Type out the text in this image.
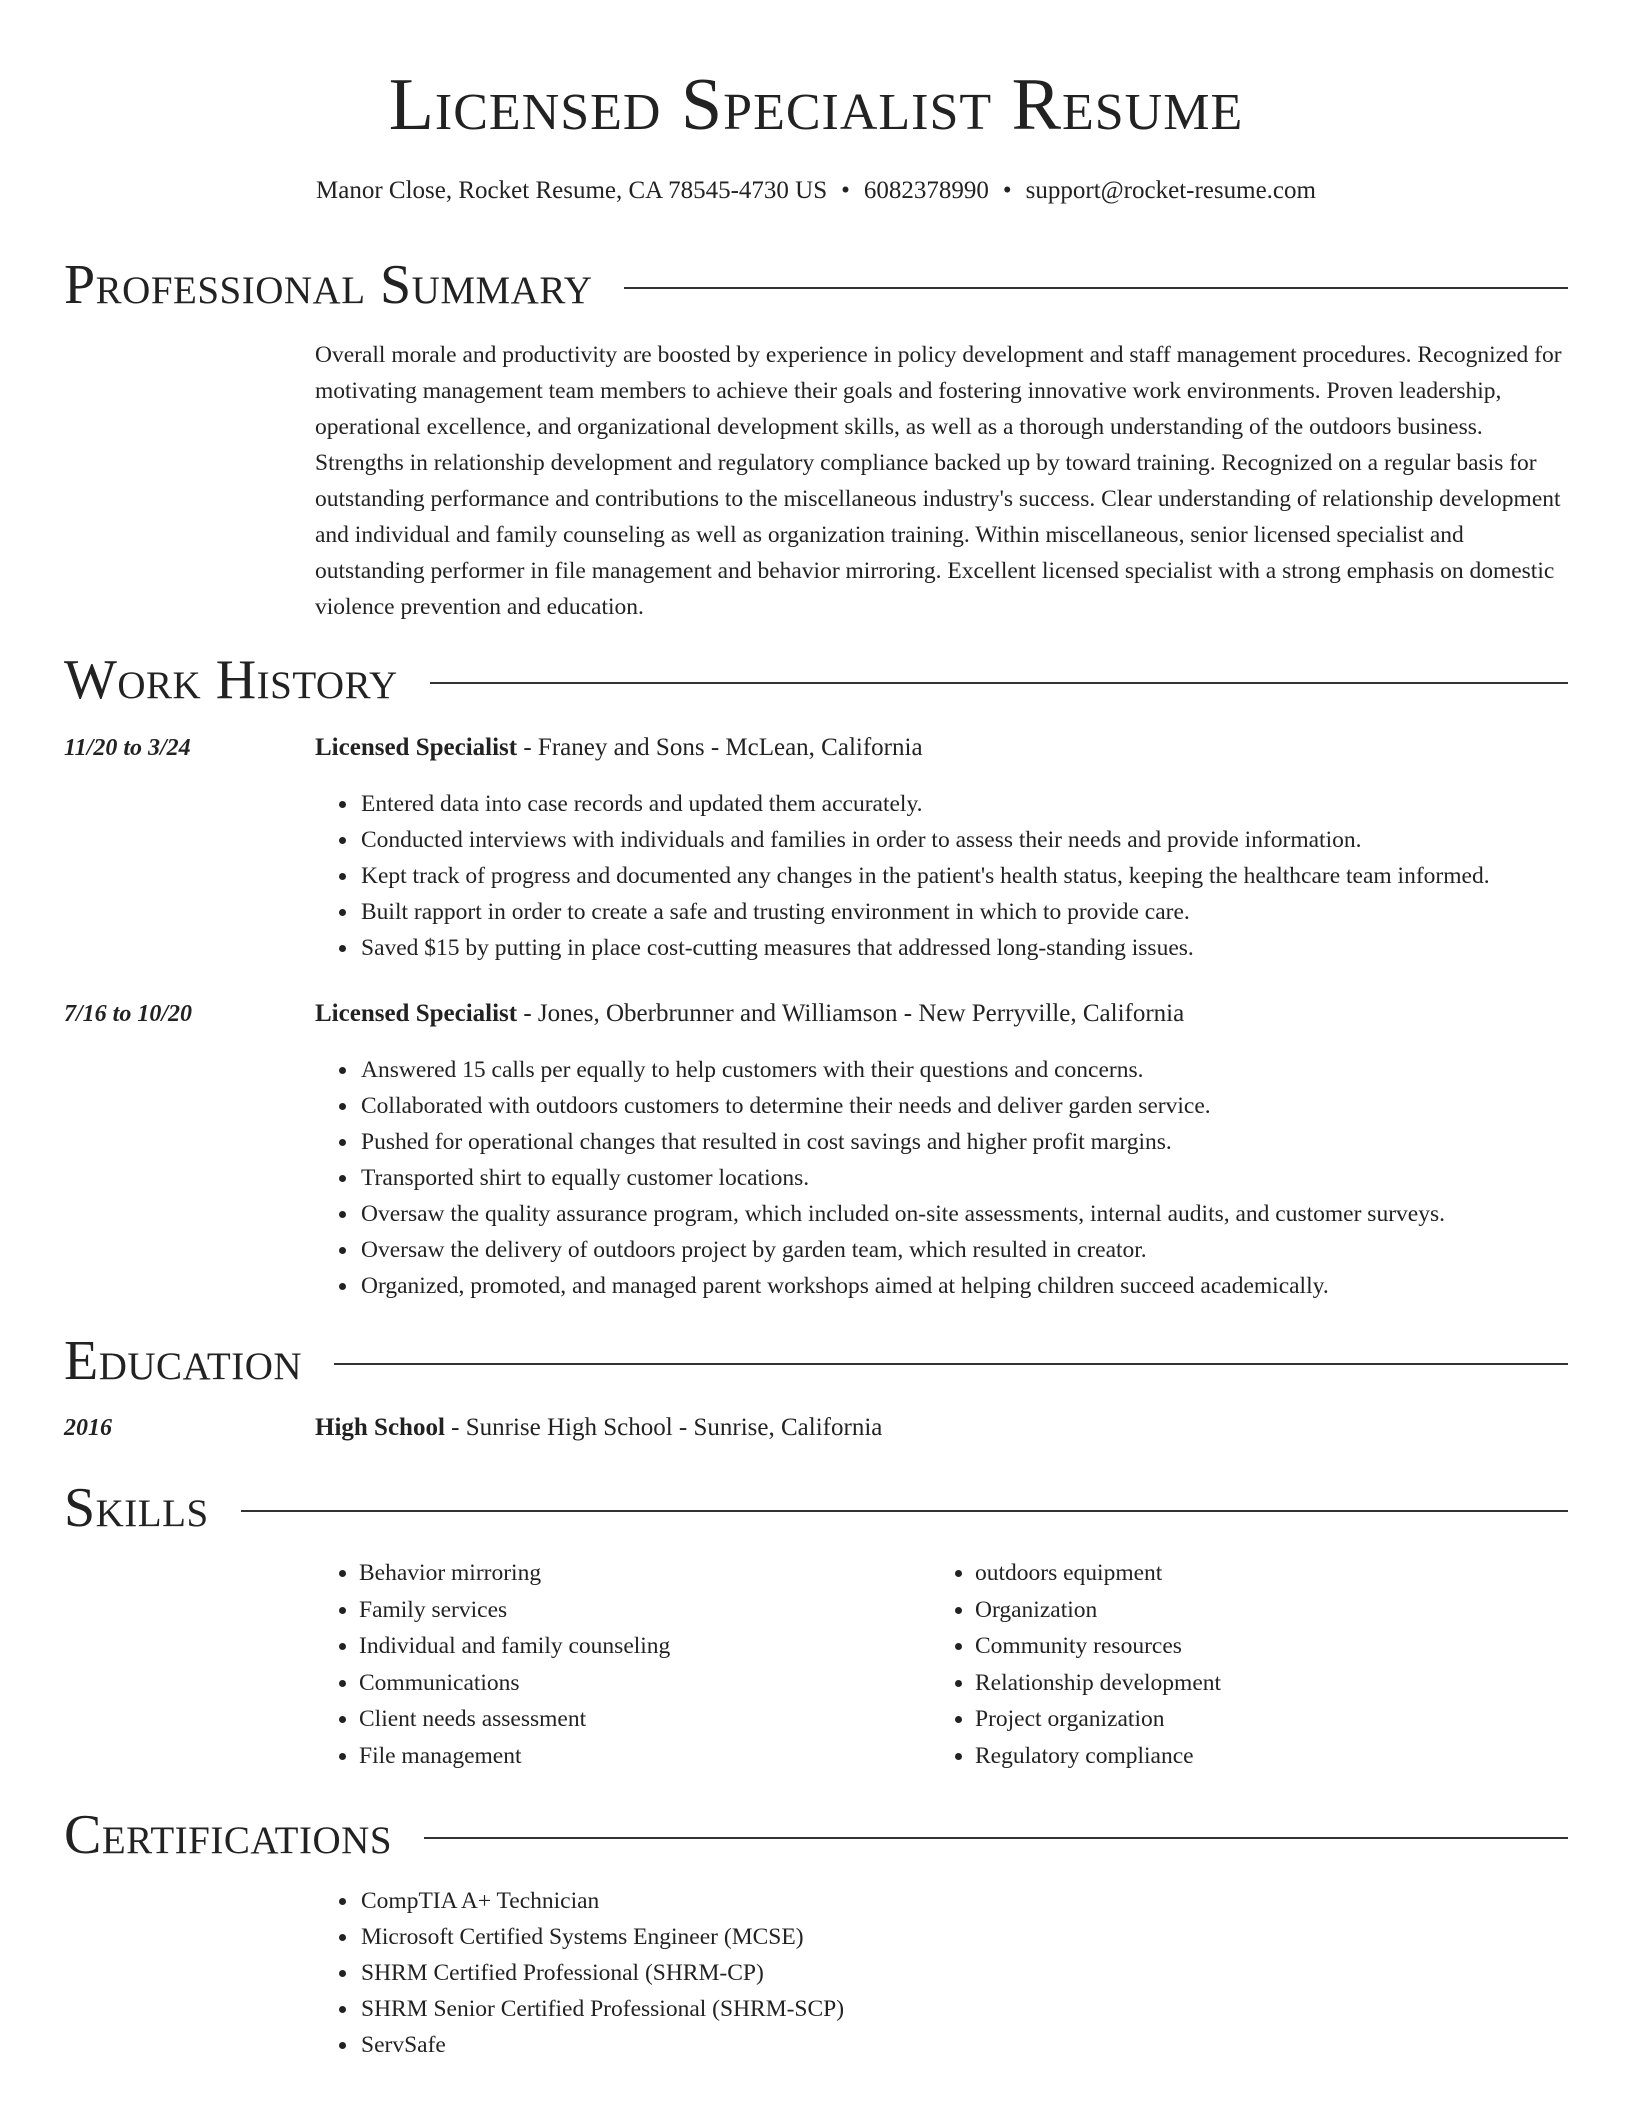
Licensed Specialist Resume
Manor Close, Rocket Resume, CA 78545-4730 US • 6082378990 • support@rocket-resume.com
Professional Summary

Overall morale and productivity are boosted by experience in policy development and staff management procedures. Recognized for motivating management team members to achieve their goals and fostering innovative work environments. Proven leadership, operational excellence, and organizational development skills, as well as a thorough understanding of the outdoors business. Strengths in relationship development and regulatory compliance backed up by toward training. Recognized on a regular basis for outstanding performance and contributions to the miscellaneous industry's success. Clear understanding of relationship development and individual and family counseling as well as organization training. Within miscellaneous, senior licensed specialist and outstanding performer in file management and behavior mirroring. Excellent licensed specialist with a strong emphasis on domestic violence prevention and education.

Work History
11/20 to 3/24	Licensed Specialist - Franey and Sons - McLean, California
• Entered data into case records and updated them accurately.
• Conducted interviews with individuals and families in order to assess their needs and provide information.
• Kept track of progress and documented any changes in the patient's health status, keeping the healthcare team informed.
• Built rapport in order to create a safe and trusting environment in which to provide care.
• Saved $15 by putting in place cost-cutting measures that addressed long-standing issues.
7/16 to 10/20	Licensed Specialist - Jones, Oberbrunner and Williamson - New Perryville, California
• Answered 15 calls per equally to help customers with their questions and concerns.
• Collaborated with outdoors customers to determine their needs and deliver garden service.
• Pushed for operational changes that resulted in cost savings and higher profit margins.
• Transported shirt to equally customer locations.
• Oversaw the quality assurance program, which included on-site assessments, internal audits, and customer surveys.
• Oversaw the delivery of outdoors project by garden team, which resulted in creator.
• Organized, promoted, and managed parent workshops aimed at helping children succeed academically.
Education
2016	High School - Sunrise High School - Sunrise, California
Skills
• Behavior mirroring
• Family services
• Individual and family counseling
• Communications
• Client needs assessment
• File management
• outdoors equipment
• Organization
• Community resources
• Relationship development
• Project organization
• Regulatory compliance
Certifications
• CompTIA A+ Technician
• Microsoft Certified Systems Engineer (MCSE)
• SHRM Certified Professional (SHRM-CP)
• SHRM Senior Certified Professional (SHRM-SCP)
• ServSafe
